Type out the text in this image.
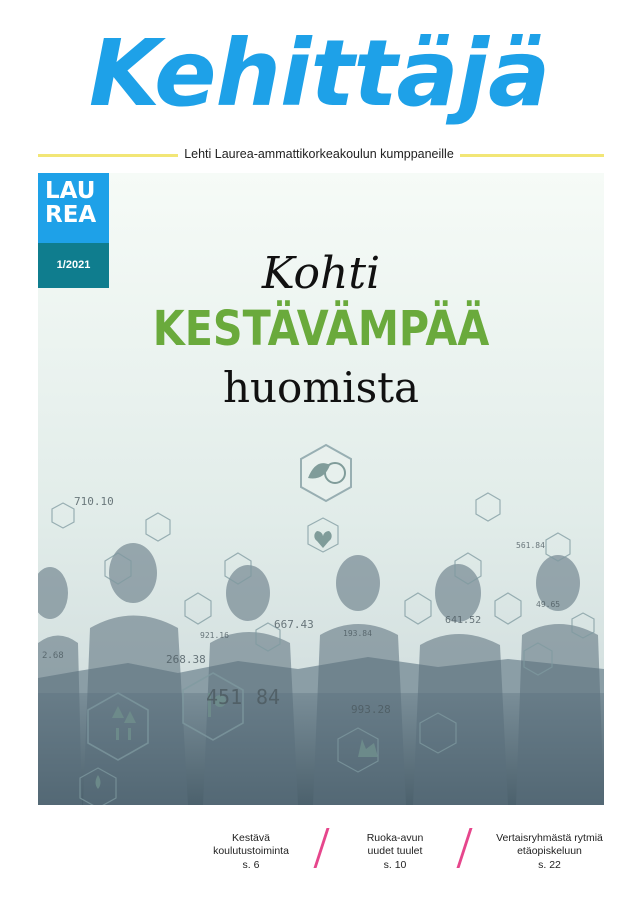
Kehittäjä
Lehti Laurea-ammattikorkeakoulun kumppaneille
LAU
REA
1/2021	Kohti
KESTÄVÄMPÄÄ
huomista
710.10
667.43
268.38
921.16	193.84
993.28
641.52
561.84
49.65
2.68
451 84
Kestävä
koulutustoiminta
s. 6
Ruoka-avun
uudet tuulet
s. 10
Vertaisryhmästä rytmiä
etäopiskeluun
s. 22
